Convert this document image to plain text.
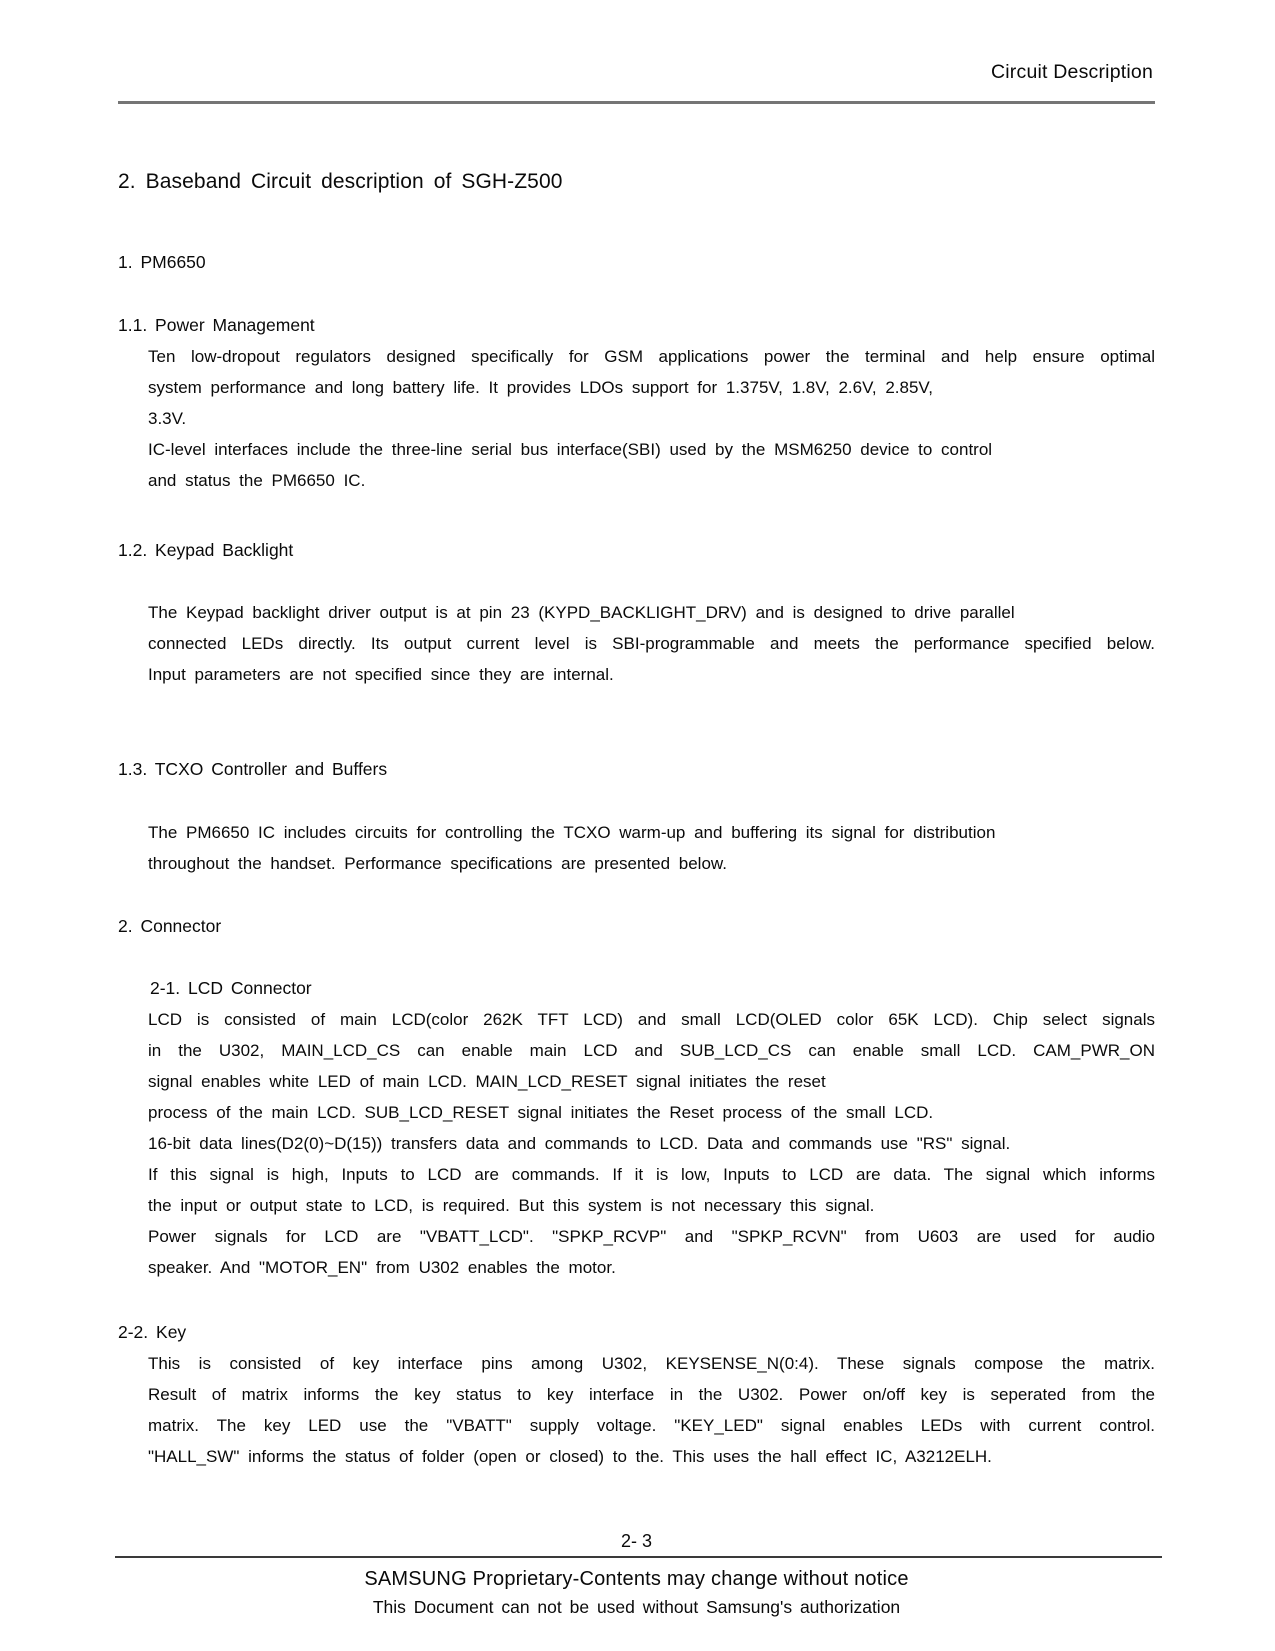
Circuit Description
2. Baseband Circuit description of SGH-Z500
1. PM6650
1.1. Power Management
Ten low-dropout regulators designed specifically for GSM applications power the terminal and help ensure optimal
system performance and long battery life. It provides LDOs support for 1.375V, 1.8V, 2.6V, 2.85V,
3.3V.
IC-level interfaces include the three-line serial bus interface(SBI) used by the MSM6250 device to control
and status the PM6650 IC.
1.2. Keypad Backlight
The Keypad backlight driver output is at pin 23 (KYPD_BACKLIGHT_DRV) and is designed to drive parallel
connected LEDs directly. Its output current level is SBI-programmable and meets the performance specified below.
Input parameters are not specified since they are internal.
1.3. TCXO Controller and Buffers
The PM6650 IC includes circuits for controlling the TCXO warm-up and buffering its signal for distribution
throughout the handset. Performance specifications are presented below.
2. Connector
2-1. LCD Connector
LCD is consisted of main LCD(color 262K TFT LCD) and small LCD(OLED color 65K LCD). Chip select signals
in the U302, MAIN_LCD_CS can enable main LCD and SUB_LCD_CS can enable small LCD. CAM_PWR_ON
signal enables white LED of main LCD. MAIN_LCD_RESET signal initiates the reset
process of the main LCD. SUB_LCD_RESET signal initiates the Reset process of the small LCD.
16-bit data lines(D2(0)~D(15)) transfers data and commands to LCD. Data and commands use "RS" signal.
If this signal is high, Inputs to LCD are commands. If it is low, Inputs to LCD are data. The signal which informs
the input or output state to LCD, is required. But this system is not necessary this signal.
Power signals for LCD are "VBATT_LCD". "SPKP_RCVP" and "SPKP_RCVN" from U603 are used for audio
speaker. And "MOTOR_EN" from U302 enables the motor.
2-2. Key
This is consisted of key interface pins among U302, KEYSENSE_N(0:4). These signals compose the matrix.
Result of matrix informs the key status to key interface in the U302. Power on/off key is seperated from the
matrix. The key LED use the "VBATT" supply voltage. "KEY_LED" signal enables LEDs with current control.
"HALL_SW" informs the status of folder (open or closed) to the. This uses the hall effect IC, A3212ELH.
2- 3
SAMSUNG Proprietary-Contents may change without notice
This Document can not be used without Samsung's authorization
